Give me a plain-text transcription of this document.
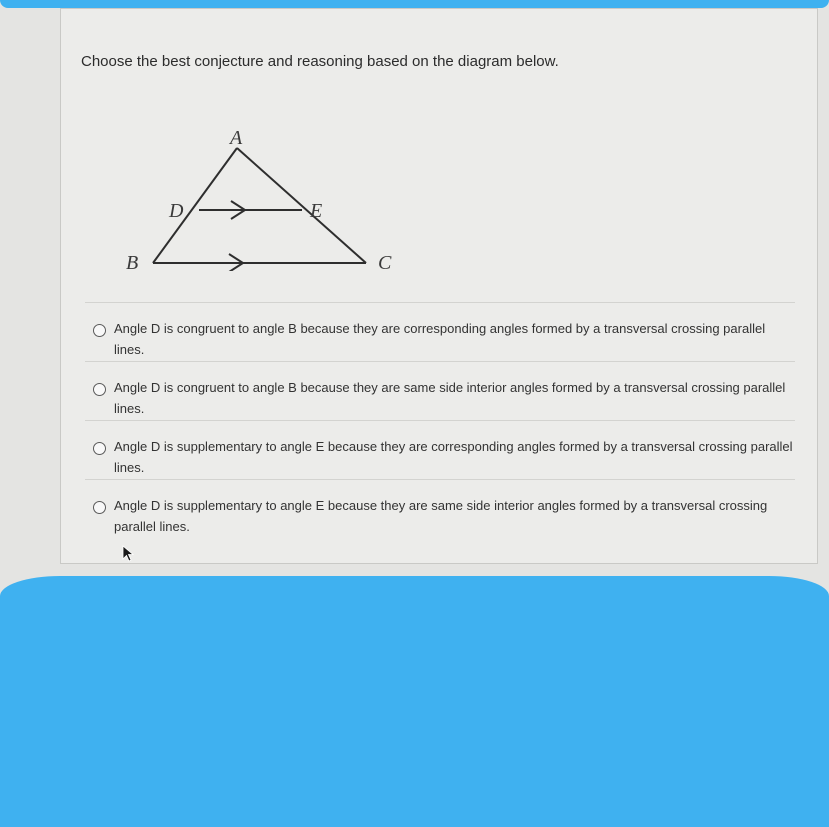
Choose the best conjecture and reasoning based on the diagram below.
A
D	E
B	C
Angle D is congruent to angle B because they are corresponding angles formed by a transversal crossing parallel lines.
Angle D is congruent to angle B because they are same side interior angles formed by a transversal crossing parallel lines.
Angle D is supplementary to angle E because they are corresponding angles formed by a transversal crossing parallel lines.
Angle D is supplementary to angle E because they are same side interior angles formed by a transversal crossing parallel lines.
